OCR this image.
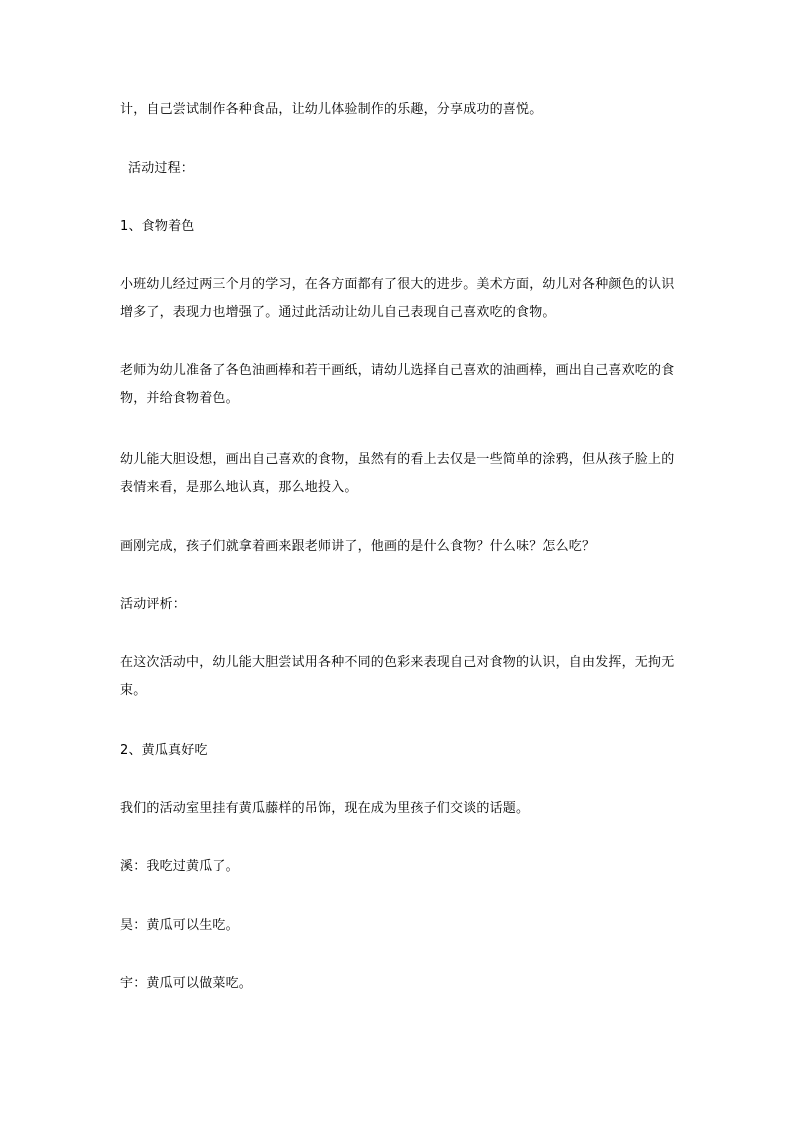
计，自己尝试制作各种食品，让幼儿体验制作的乐趣，分享成功的喜悦。
活动过程：
1、食物着色
小班幼儿经过两三个月的学习，在各方面都有了很大的进步。美术方面，幼儿对各种颜色的认识
增多了，表现力也增强了。通过此活动让幼儿自己表现自己喜欢吃的食物。
老师为幼儿准备了各色油画棒和若干画纸，请幼儿选择自己喜欢的油画棒，画出自己喜欢吃的食
物，并给食物着色。
幼儿能大胆设想，画出自己喜欢的食物，虽然有的看上去仅是一些简单的涂鸦，但从孩子脸上的
表情来看，是那么地认真，那么地投入。
画刚完成，孩子们就拿着画来跟老师讲了，他画的是什么食物？什么味？怎么吃？
活动评析：
在这次活动中，幼儿能大胆尝试用各种不同的色彩来表现自己对食物的认识，自由发挥，无拘无
束。
2、黄瓜真好吃
我们的活动室里挂有黄瓜藤样的吊饰，现在成为里孩子们交谈的话题。
溪：我吃过黄瓜了。
昊：黄瓜可以生吃。
宇：黄瓜可以做菜吃。
